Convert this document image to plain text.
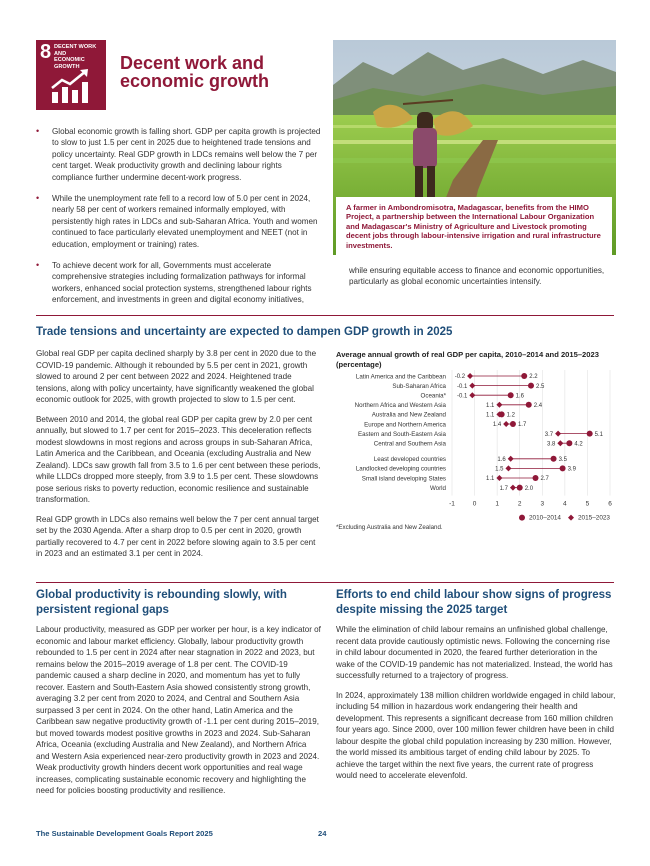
8 DECENT WORK AND
ECONOMIC GROWTH	Decent work and
economic growth
• Global economic growth is falling short. GDP per capita growth is projected to slow to just 1.5 per cent in 2025 due to heightened trade tensions and policy uncertainty. Real GDP growth in LDCs remains well below the 7 per cent target. Weak productivity growth and declining labour rights compliance further undermine decent-work progress.
• While the unemployment rate fell to a record low of 5.0 per cent in 2024, nearly 58 per cent of workers remained informally employed, with persistently high rates in LDCs and sub-Saharan Africa. Youth and women continued to face particularly elevated unemployment and NEET (not in education, employment or training) rates.
• To achieve decent work for all, Governments must accelerate comprehensive strategies including formalization pathways for informal workers, enhanced social protection systems, strengthened labour rights enforcement, and investments in green and digital economy initiatives,

A farmer in Ambondromisotra, Madagascar, benefits from the HIMO Project, a partnership between the International Labour Organization and Madagascar's Ministry of Agriculture and Livestock promoting decent jobs through labour-intensive irrigation and rural infrastructure investments.

while ensuring equitable access to finance and economic opportunities, particularly as global economic uncertainties intensify.
Trade tensions and uncertainty are expected to dampen GDP growth in 2025

Global real GDP per capita declined sharply by 3.8 per cent in 2020 due to the COVID-19 pandemic. Although it rebounded by 5.5 per cent in 2021, growth slowed to around 2 per cent between 2022 and 2024. Heightened trade tensions, along with policy uncertainty, have significantly weakened the global economic outlook for 2025, with growth projected to slow to 1.5 per cent.

Between 2010 and 2014, the global real GDP per capita grew by 2.0 per cent annually, but slowed to 1.7 per cent for 2015–2023. This deceleration reflects modest slowdowns in most regions and across groups in sub-Saharan Africa, Latin America and the Caribbean, and Oceania (excluding Australia and New Zealand). LDCs saw growth fall from 3.5 to 1.6 per cent between these periods, while LLDCs dropped more steeply, from 3.9 to 1.5 per cent. These slowdowns pose serious risks to poverty reduction, economic resilience and sustainable transformation.

Real GDP growth in LDCs also remains well below the 7 per cent annual target set by the 2030 Agenda. After a sharp drop to 0.5 per cent in 2020, growth partially recovered to 4.7 per cent in 2022 before slowing again to 3.5 per cent in 2023 and an estimated 3.1 per cent in 2024.

Average annual growth of real GDP per capita, 2010–2014 and 2015–2023 (percentage)
-1	0	1	2	3	4	5	6
Latin America and the Caribbean -0.2	2.2
Sub-Saharan Africa -0.1	2.5
Oceania* -0.1	1.6
Northern Africa and Western Asia	1.1	2.4
Australia and New Zealand	1.1 1.2
Europe and Northern America	1.4	1.7
Eastern and South-Eastern Asia	3.7	5.1
Central and Southern Asia	3.8	4.2
Least developed countries	1.6	3.5
Landlocked developing countries	1.5	3.9
Small island developing States	1.1	2.7
World	1.7	2.0
2010–2014	2015–2023
*Excluding Australia and New Zealand.
Global productivity is rebounding slowly, with persistent regional gaps

Labour productivity, measured as GDP per worker per hour, is a key indicator of economic and labour market efficiency. Globally, labour productivity growth rebounded to 1.5 per cent in 2024 after near stagnation in 2022 and 2023, but remains below the 2015–2019 average of 1.8 per cent. The COVID-19 pandemic caused a sharp decline in 2020, and momentum has yet to fully recover. Eastern and South-Eastern Asia showed consistently strong growth, averaging 3.2 per cent from 2020 to 2024, and Central and Southern Asia surpassed 3 per cent in 2024. On the other hand, Latin America and the Caribbean saw negative productivity growth of -1.1 per cent during 2015–2019, but moved towards modest positive growths in 2023 and 2024. Sub-Saharan Africa, Oceania (excluding Australia and New Zealand), and Northern Africa and Western Asia experienced near-zero productivity growth in 2023 and 2024. Weak productivity growth hinders decent work opportunities and real wage increases, complicating sustainable economic recovery and highlighting the need for policies boosting productivity and resilience.

Efforts to end child labour show signs of progress despite missing the 2025 target

While the elimination of child labour remains an unfinished global challenge, recent data provide cautiously optimistic news. Following the concerning rise in child labour documented in 2020, the feared further deterioration in the wake of the COVID-19 pandemic has not materialized. Instead, the world has successfully returned to a trajectory of progress.

In 2024, approximately 138 million children worldwide engaged in child labour, including 54 million in hazardous work endangering their health and development. This represents a significant decrease from 160 million children four years ago. Since 2000, over 100 million fewer children have been in child labour despite the global child population increasing by 230 million. However, the world missed its ambitious target of ending child labour by 2025. To achieve the target within the next five years, the current rate of progress would need to accelerate elevenfold.

The Sustainable Development Goals Report 2025	24
